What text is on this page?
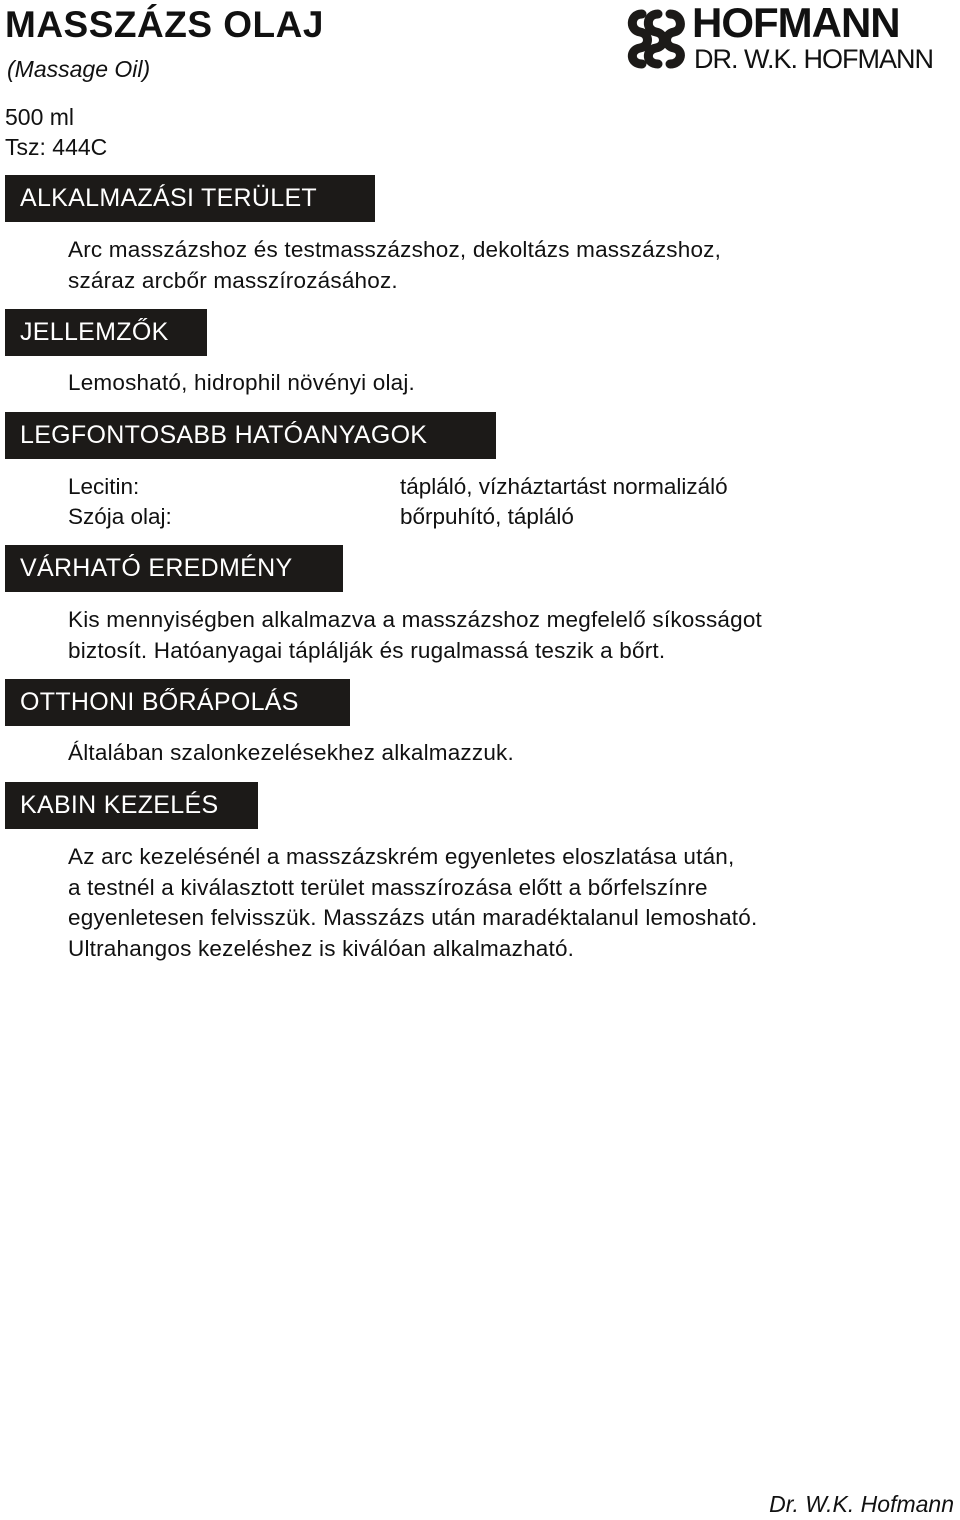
MASSZÁZS OLAJ
(Massage Oil)
500 ml
Tsz: 444C
HOFMANN
DR. W.K. HOFMANN
ALKALMAZÁSI TERÜLET
Arc masszázshoz és testmasszázshoz, dekoltázs masszázshoz,
száraz arcbőr masszírozásához.
JELLEMZŐK
Lemosható, hidrophil növényi olaj.
LEGFONTOSABB HATÓANYAGOK
Lecitin:	tápláló, vízháztartást normalizáló
Szója olaj:	bőrpuhító, tápláló
VÁRHATÓ EREDMÉNY
Kis mennyiségben alkalmazva a masszázshoz megfelelő síkosságot
biztosít. Hatóanyagai táplálják és rugalmassá teszik a bőrt.
OTTHONI BŐRÁPOLÁS
Általában szalonkezelésekhez alkalmazzuk.
KABIN KEZELÉS
Az arc kezelésénél a masszázskrém egyenletes eloszlatása után,
a testnél a kiválasztott terület masszírozása előtt a bőrfelszínre
egyenletesen felvisszük. Masszázs után maradéktalanul lemosható.
Ultrahangos kezeléshez is kiválóan alkalmazható.
Dr. W.K. Hofmann
